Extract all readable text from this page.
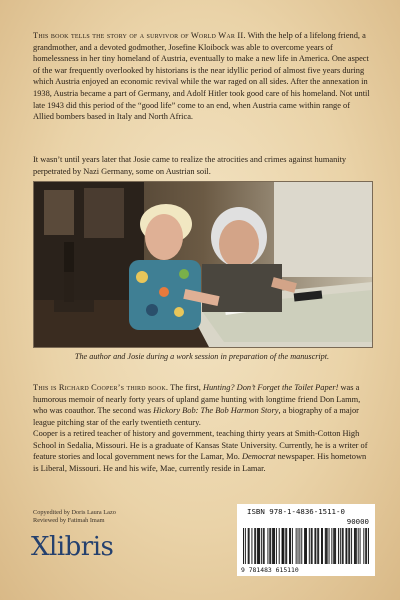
This book tells the story of a survivor of World War II. With the help of a lifelong friend, a grandmother, and a devoted godmother, Josefine Kloibock was able to overcome years of homelessness in her tiny homeland of Austria, eventually to make a new life in America. One aspect of the war frequently overlooked by historians is the near idyllic period of almost five years during which Austria enjoyed an economic revival while the war raged on all sides. After the annexation in 1938, Austria became a part of Germany, and Adolf Hitler took good care of his homeland. Not until late 1943 did this period of the “good life” come to an end, when Austria came within range of Allied bombers based in Italy and North Africa.
It wasn’t until years later that Josie came to realize the atrocities and crimes against humanity perpetrated by Nazi Germany, some on Austrian soil.
The author and Josie during a work session in preparation of the manuscript.
This is Richard Cooper’s third book. The first, Hunting? Don’t Forget the Toilet Paper! was a humorous memoir of nearly forty years of upland game hunting with longtime friend Don Lamm, who was coauthor. The second was Hickory Bob: The Bob Harmon Story, a biography of a major league pitching star of the early twentieth century.
Cooper is a retired teacher of history and government, teaching thirty years at Smith-Cotton High School in Sedalia, Missouri. He is a graduate of Kansas State University. Currently, he is a writer of feature stories and local government news for the Lamar, Mo. Democrat newspaper. His hometown is Liberal, Missouri. He and his wife, Mae, currently reside in Lamar.
Copyedited by Doris Laura Lazo
Reviewed by Fatimah Imam
Xlibris
ISBN 978-1-4836-1511-0
90000
9 781483 615110
